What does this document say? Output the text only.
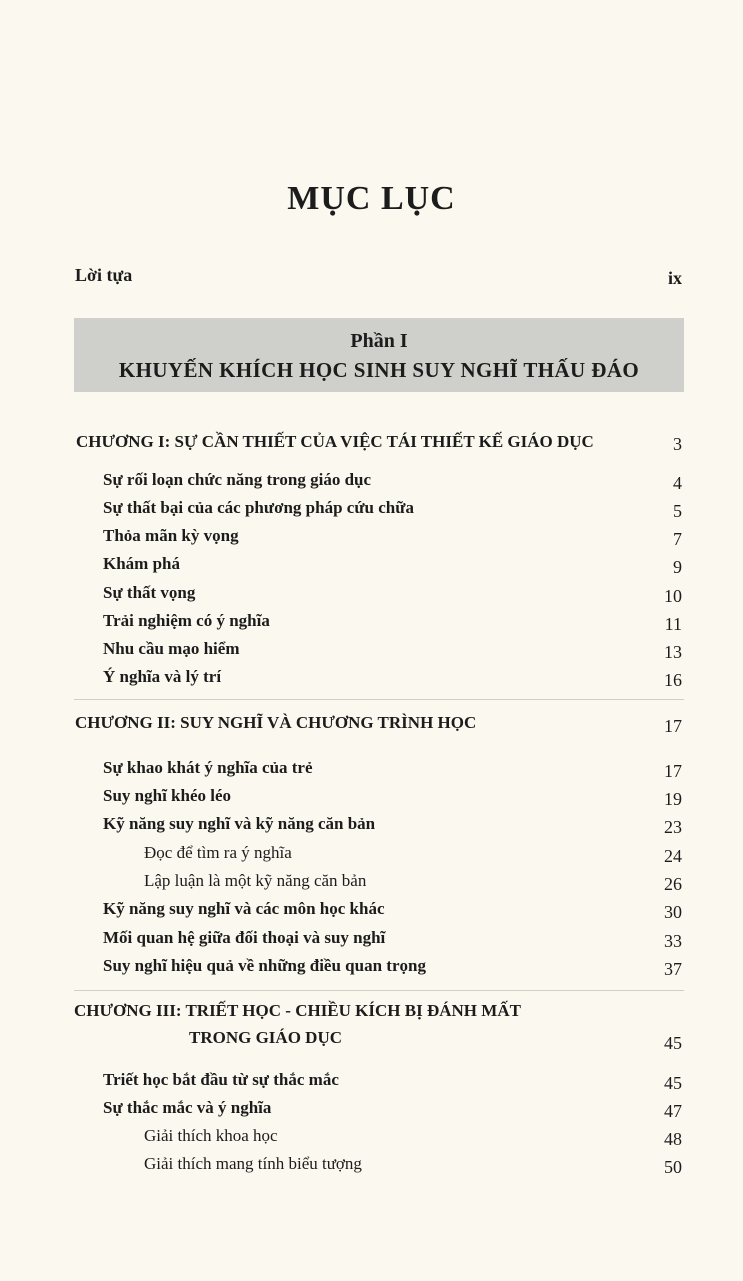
MỤC LỤC
Lời tựa	ix
Phần I
KHUYẾN KHÍCH HỌC SINH SUY NGHĨ THẤU ĐÁO
CHƯƠNG I: SỰ CẦN THIẾT CỦA VIỆC TÁI THIẾT KẾ GIÁO DỤC	3
Sự rối loạn chức năng trong giáo dục	4
Sự thất bại của các phương pháp cứu chữa	5
Thỏa mãn kỳ vọng	7
Khám phá	9
Sự thất vọng	10
Trải nghiệm có ý nghĩa	11
Nhu cầu mạo hiểm	13
Ý nghĩa và lý trí	16
CHƯƠNG II: SUY NGHĨ VÀ CHƯƠNG TRÌNH HỌC	17
Sự khao khát ý nghĩa của trẻ	17
Suy nghĩ khéo léo	19
Kỹ năng suy nghĩ và kỹ năng căn bản	23
Đọc để tìm ra ý nghĩa	24
Lập luận là một kỹ năng căn bản	26
Kỹ năng suy nghĩ và các môn học khác	30
Mối quan hệ giữa đối thoại và suy nghĩ	33
Suy nghĩ hiệu quả về những điều quan trọng	37
CHƯƠNG III: TRIẾT HỌC - CHIỀU KÍCH BỊ ĐÁNH MẤT
TRONG GIÁO DỤC	45
Triết học bắt đầu từ sự thắc mắc	45
Sự thắc mắc và ý nghĩa	47
Giải thích khoa học	48
Giải thích mang tính biểu tượng	50
